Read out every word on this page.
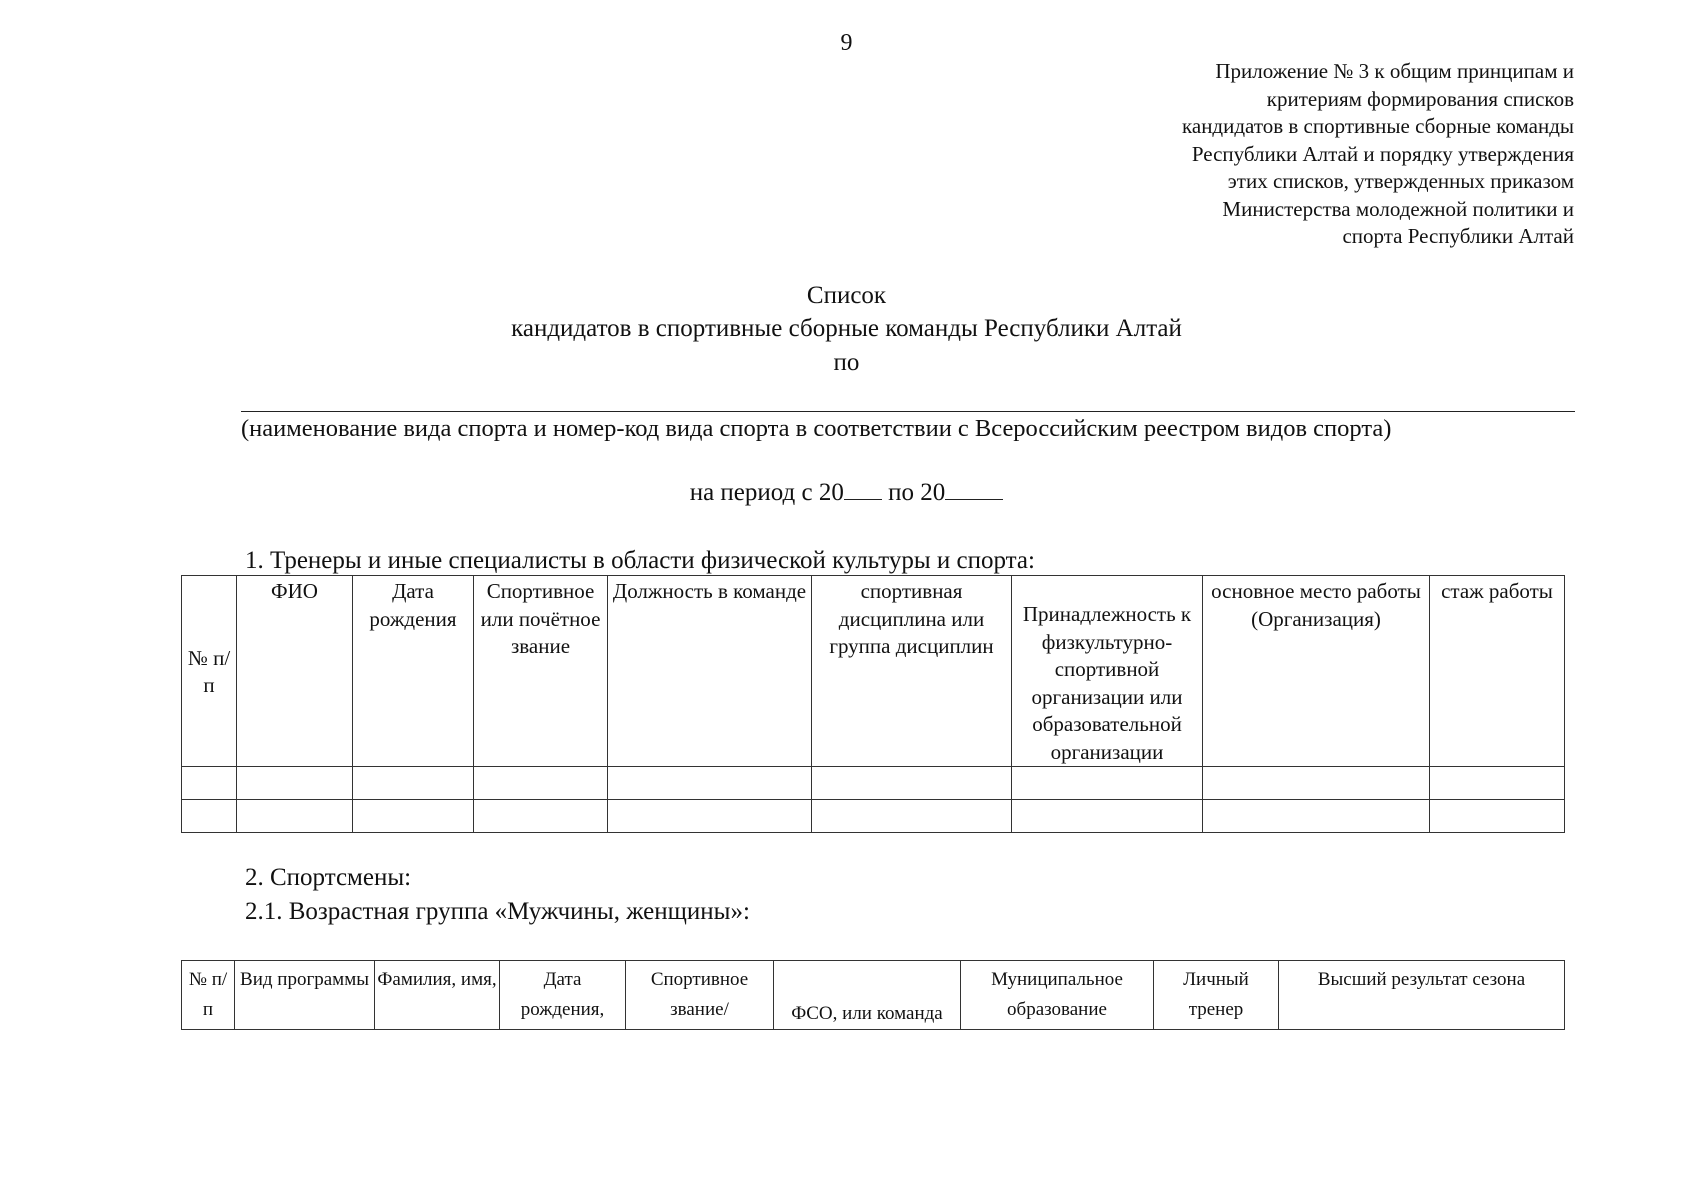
9
Приложение № 3 к общим принципам и
критериям формирования списков
кандидатов в спортивные сборные команды
Республики Алтай и порядку утверждения
этих списков, утвержденных приказом
Министерства молодежной политики и
спорта Республики Алтай
Список
кандидатов в спортивные сборные команды Республики Алтай
по
(наименование вида спорта и номер-код вида спорта в соответствии с Всероссийским реестром видов спорта)
на период с 20 по 20
1. Тренеры и иные специалисты в области физической культуры и спорта:
№ п/п	ФИО	Дата рождения	Спортивное или почётное звание	Должность в команде	спортивная дисциплина или группа дисциплин	Принадлежность к физкультурно-спортивной организации или образовательной организации	основное место работы (Организация)	стаж работы

2. Спортсмены:
2.1. Возрастная группа «Мужчины, женщины»:
№ п/п	Вид программы	Фамилия, имя,	Дата рождения,	Спортивное звание/	ФСО, или команда	Муниципальное образование	Личный тренер	Высший результат сезона
